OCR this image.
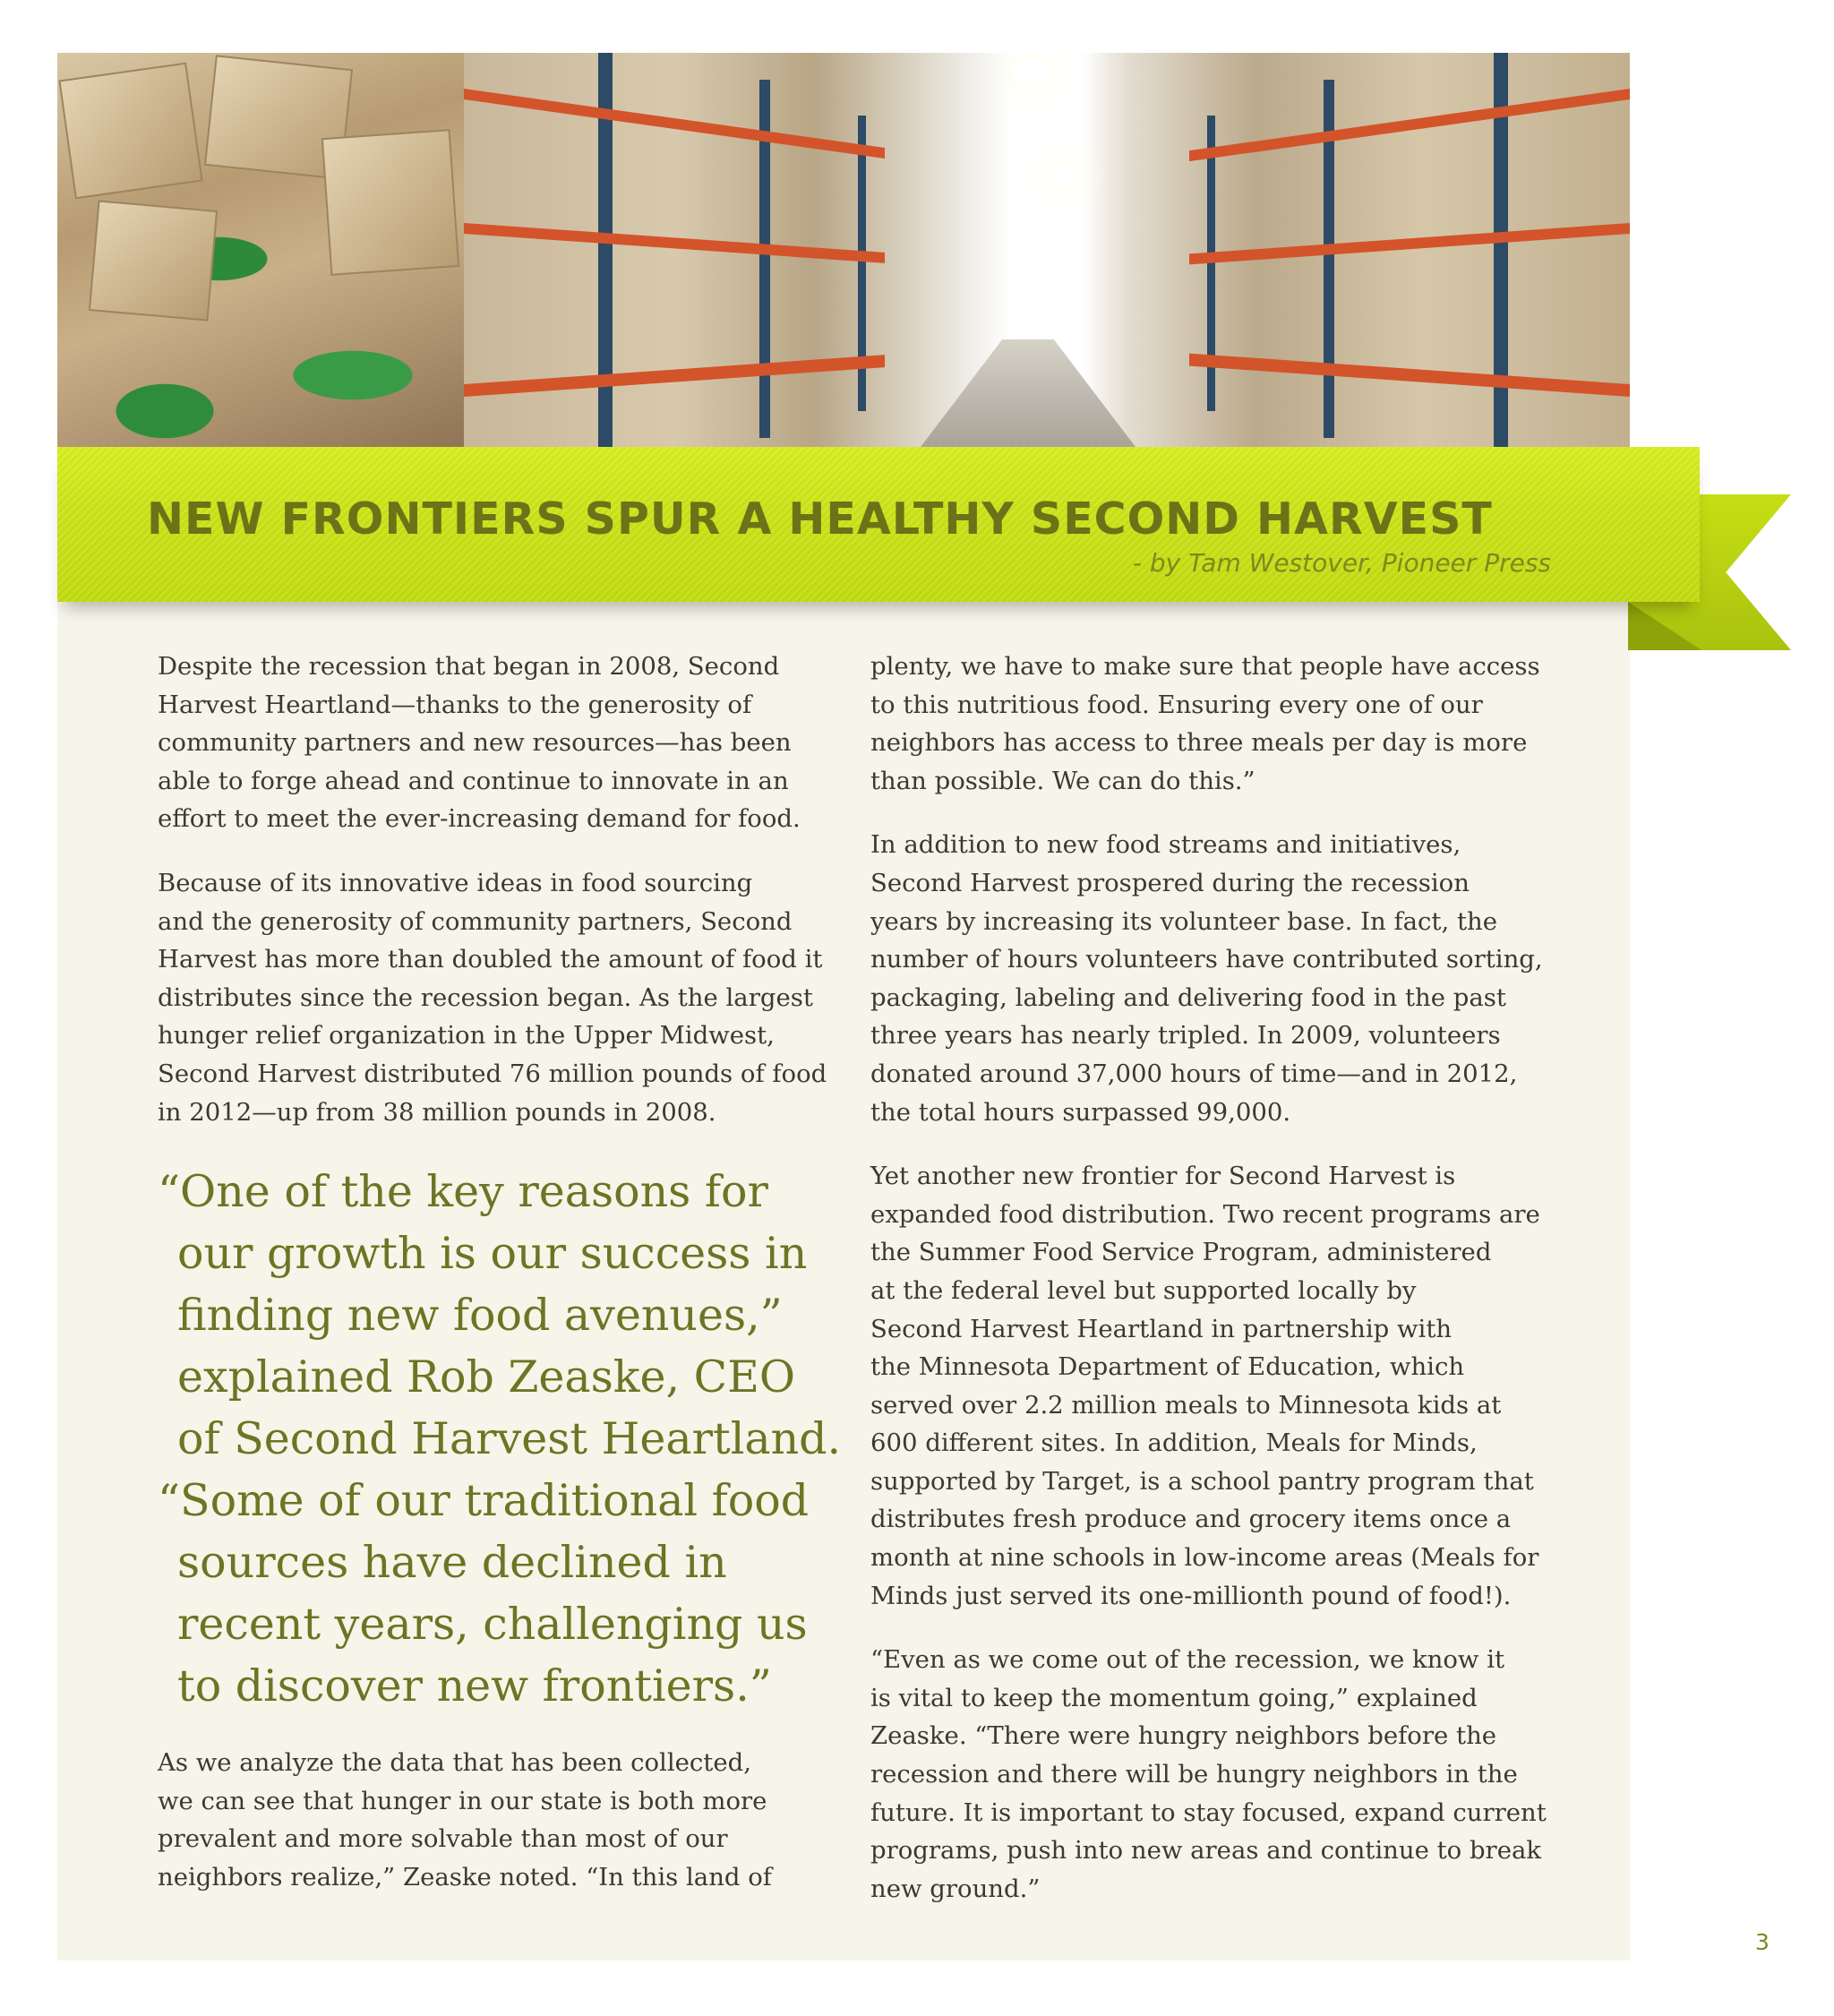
NEW FRONTIERS SPUR A HEALTHY SECOND HARVEST
- by Tam Westover, Pioneer Press

Despite the recession that began in 2008, Second
Harvest Heartland—thanks to the generosity of
community partners and new resources—has been
able to forge ahead and continue to innovate in an
effort to meet the ever-increasing demand for food.

Because of its innovative ideas in food sourcing
and the generosity of community partners, Second
Harvest has more than doubled the amount of food it
distributes since the recession began. As the largest
hunger relief organization in the Upper Midwest,
Second Harvest distributed 76 million pounds of food
in 2012—up from 38 million pounds in 2008.

“One of the key reasons for
our growth is our success in
finding new food avenues,”
explained Rob Zeaske, CEO
of Second Harvest Heartland.
“Some of our traditional food
sources have declined in
recent years, challenging us
to discover new frontiers.”

As we analyze the data that has been collected,
we can see that hunger in our state is both more
prevalent and more solvable than most of our
neighbors realize,” Zeaske noted. “In this land of

plenty, we have to make sure that people have access
to this nutritious food. Ensuring every one of our
neighbors has access to three meals per day is more
than possible. We can do this.”

In addition to new food streams and initiatives,
Second Harvest prospered during the recession
years by increasing its volunteer base. In fact, the
number of hours volunteers have contributed sorting,
packaging, labeling and delivering food in the past
three years has nearly tripled. In 2009, volunteers
donated around 37,000 hours of time—and in 2012,
the total hours surpassed 99,000.

Yet another new frontier for Second Harvest is
expanded food distribution. Two recent programs are
the Summer Food Service Program, administered
at the federal level but supported locally by
Second Harvest Heartland in partnership with
the Minnesota Department of Education, which
served over 2.2 million meals to Minnesota kids at
600 different sites. In addition, Meals for Minds,
supported by Target, is a school pantry program that
distributes fresh produce and grocery items once a
month at nine schools in low-income areas (Meals for
Minds just served its one-millionth pound of food!).

“Even as we come out of the recession, we know it
is vital to keep the momentum going,” explained
Zeaske. “There were hungry neighbors before the
recession and there will be hungry neighbors in the
future. It is important to stay focused, expand current
programs, push into new areas and continue to break
new ground.”

3
